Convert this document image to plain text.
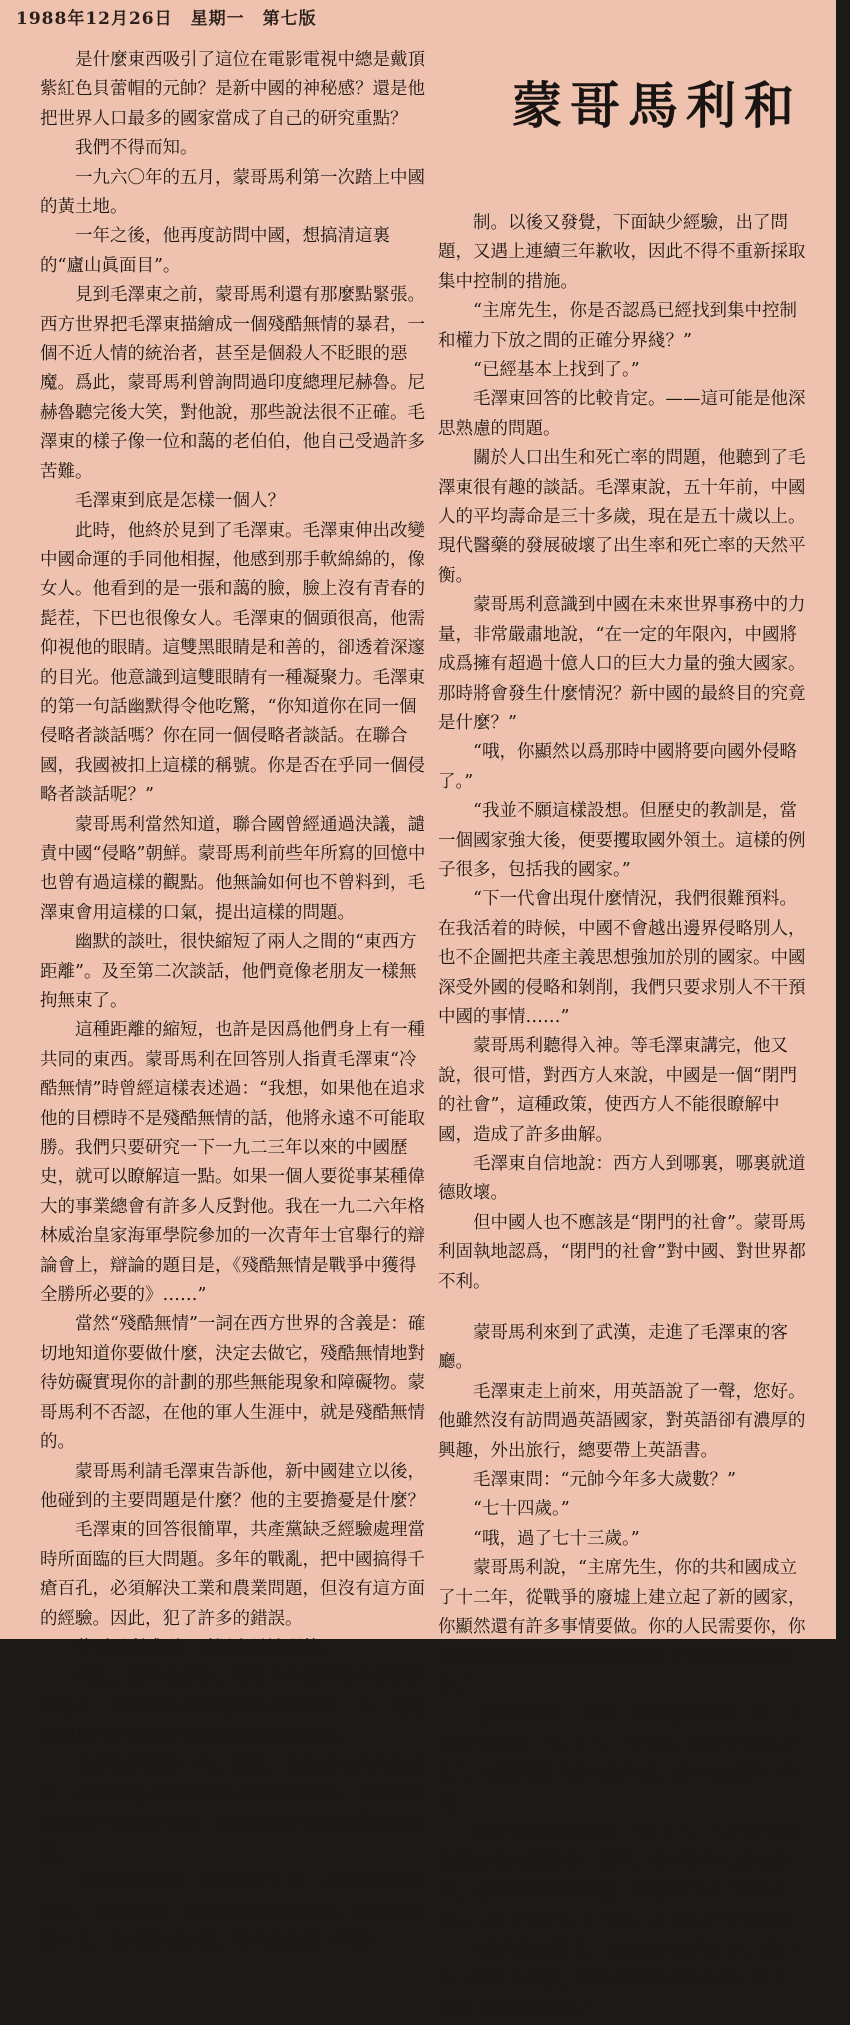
1988年12月26日　星期一　第七版
蒙哥馬利和

是什麼東西吸引了這位在電影電視中總是戴頂紫紅色貝蕾帽的元帥？是新中國的神秘感？還是他把世界人口最多的國家當成了自己的研究重點？

我們不得而知。

一九六〇年的五月，蒙哥馬利第一次踏上中國的黃土地。

一年之後，他再度訪問中國，想搞清這裏的“廬山眞面目”。

見到毛澤東之前，蒙哥馬利還有那麼點緊張。西方世界把毛澤東描繪成一個殘酷無情的暴君，一個不近人情的統治者，甚至是個殺人不眨眼的惡魔。爲此，蒙哥馬利曾詢問過印度總理尼赫魯。尼赫魯聽完後大笑，對他說，那些說法很不正確。毛澤東的樣子像一位和藹的老伯伯，他自己受過許多苦難。

毛澤東到底是怎樣一個人？

此時，他終於見到了毛澤東。毛澤東伸出改變中國命運的手同他相握，他感到那手軟綿綿的，像女人。他看到的是一張和藹的臉，臉上沒有青春的髭茬，下巴也很像女人。毛澤東的個頭很高，他需仰視他的眼睛。這雙黑眼睛是和善的，卻透着深邃的目光。他意識到這雙眼睛有一種凝聚力。毛澤東的第一句話幽默得令他吃驚，“你知道你在同一個侵略者談話嗎？你在同一個侵略者談話。在聯合國，我國被扣上這樣的稱號。你是否在乎同一個侵略者談話呢？”

蒙哥馬利當然知道，聯合國曾經通過決議，譴責中國“侵略”朝鮮。蒙哥馬利前些年所寫的回憶中也曾有過這樣的觀點。他無論如何也不曾料到，毛澤東會用這樣的口氣，提出這樣的問題。

幽默的談吐，很快縮短了兩人之間的“東西方距離”。及至第二次談話，他們竟像老朋友一樣無拘無束了。

這種距離的縮短，也許是因爲他們身上有一種共同的東西。蒙哥馬利在回答別人指責毛澤東“冷酷無情”時曾經這樣表述過：“我想，如果他在追求他的目標時不是殘酷無情的話，他將永遠不可能取勝。我們只要研究一下一九二三年以來的中國歷史，就可以瞭解這一點。如果一個人要從事某種偉大的事業總會有許多人反對他。我在一九二六年格林威治皇家海軍學院參加的一次青年士官舉行的辯論會上，辯論的題目是，《殘酷無情是戰爭中獲得全勝所必要的》……”

當然“殘酷無情”一詞在西方世界的含義是：確切地知道你要做什麼，決定去做它，殘酷無情地對待妨礙實現你的計劃的那些無能現象和障礙物。蒙哥馬利不否認，在他的軍人生涯中，就是殘酷無情的。

蒙哥馬利請毛澤東告訴他，新中國建立以後，他碰到的主要問題是什麼？他的主要擔憂是什麼？

毛澤東的回答很簡單，共產黨缺乏經驗處理當時所面臨的巨大問題。多年的戰亂，把中國搞得千瘡百孔，必須解決工業和農業問題，但沒有這方面的經驗。因此，犯了許多的錯誤。

蒙哥馬利感到，毛澤東是清醒的。

因此，他問毛澤東，在權力下放和集中控制的問題上，你們現在是不是可以考慮放鬆一下，把適當的權力下放給各省的省長和黨委書記。

毛澤東的眼睛一亮。顯然，他對這位西方政治家、軍事家提出的問題表示新奇和欽佩。看來這位元帥對中國確有研究，並善於抓住敏感和重要的問題。

毛澤東回答道：新中國成立後，中央控制必須很緊。那時食物、必須的藥品都很缺乏，沒有別的路可走。後來情況好轉，曾決定放鬆一些控

制。以後又發覺，下面缺少經驗，出了問題，又遇上連續三年歉收，因此不得不重新採取集中控制的措施。

“主席先生，你是否認爲已經找到集中控制和權力下放之間的正確分界綫？”

“已經基本上找到了。”

毛澤東回答的比較肯定。——這可能是他深思熟慮的問題。

關於人口出生和死亡率的問題，他聽到了毛澤東很有趣的談話。毛澤東說，五十年前，中國人的平均壽命是三十多歲，現在是五十歲以上。現代醫藥的發展破壞了出生率和死亡率的天然平衡。

蒙哥馬利意識到中國在未來世界事務中的力量，非常嚴肅地說，“在一定的年限內，中國將成爲擁有超過十億人口的巨大力量的強大國家。那時將會發生什麼情況？新中國的最終目的究竟是什麼？”

“哦，你顯然以爲那時中國將要向國外侵略了。”

“我並不願這樣設想。但歷史的教訓是，當一個國家強大後，便要攫取國外領土。這樣的例子很多，包括我的國家。”

“下一代會出現什麼情況，我們很難預料。在我活着的時候，中國不會越出邊界侵略別人，也不企圖把共產主義思想強加於別的國家。中國深受外國的侵略和剝削，我們只要求別人不干預中國的事情……”

蒙哥馬利聽得入神。等毛澤東講完，他又說，很可惜，對西方人來說，中國是一個“閉門的社會”，這種政策，使西方人不能很瞭解中國，造成了許多曲解。

毛澤東自信地說：西方人到哪裏，哪裏就道德敗壞。

但中國人也不應該是“閉門的社會”。蒙哥馬利固執地認爲，“閉門的社會”對中國、對世界都不利。

蒙哥馬利來到了武漢，走進了毛澤東的客廳。

毛澤東走上前來，用英語說了一聲，您好。他雖然沒有訪問過英語國家，對英語卻有濃厚的興趣，外出旅行，總要帶上英語書。

毛澤東問：“元帥今年多大歲數？”

“七十四歲。”

“哦，過了七十三歲。”

蒙哥馬利說，“主席先生，你的共和國成立了十二年，從戰爭的廢墟上建立起了新的國家，你顯然還有許多事情要做。你的人民需要你，你必須有健康的身體和充沛的精力來領導這個國家。”

毛澤東點燃一支煙，慢悠悠地吸着，說，中國有句俗話，“七十三、八十四，閻王不叫自己去”，如果闖過了這兩個年頭，就可以活到一百歲。

蒙哥馬利很是新奇，“七十三、八十四”爲什麼是這樣兩個數字？當時，不可能有人給他解釋，這兩個數字的來歷，和兩個“聖人”聯繫在一起——孔子活了七十三歲，孟子活了八十四歲。

“我們說的閻王，就是你們說的上帝。我只有一個五年計劃，到時候我就去見我的上帝了，我的上帝是馬克思。”
